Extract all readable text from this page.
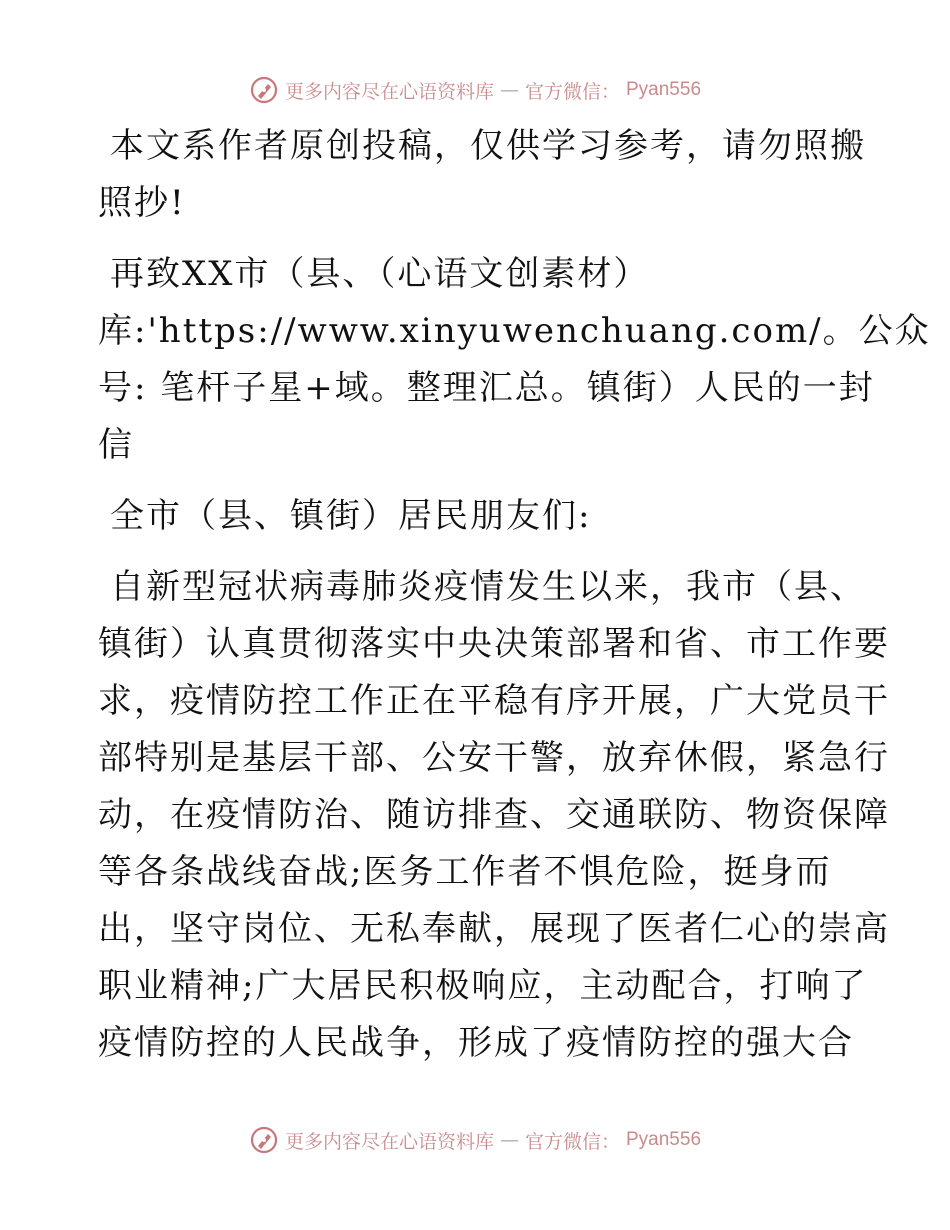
更多内容尽在心语资料库 — 官方微信： Pyan556

本文系作者原创投稿，仅供学习参考，请勿照搬
照抄!

再致XX市（县、（心语文创素材）
库:'https://www.xinyuwenchuang.com/。公众
号: 笔杆子星+域。整理汇总。镇街）人民的一封
信

全市（县、镇街）居民朋友们:

自新型冠状病毒肺炎疫情发生以来，我市（县、
镇街）认真贯彻落实中央决策部署和省、市工作要
求，疫情防控工作正在平稳有序开展，广大党员干
部特别是基层干部、公安干警，放弃休假，紧急行
动，在疫情防治、随访排查、交通联防、物资保障
等各条战线奋战;医务工作者不惧危险，挺身而
出，坚守岗位、无私奉献，展现了医者仁心的崇高
职业精神;广大居民积极响应，主动配合，打响了
疫情防控的人民战争，形成了疫情防控的强大合

更多内容尽在心语资料库 — 官方微信： Pyan556
